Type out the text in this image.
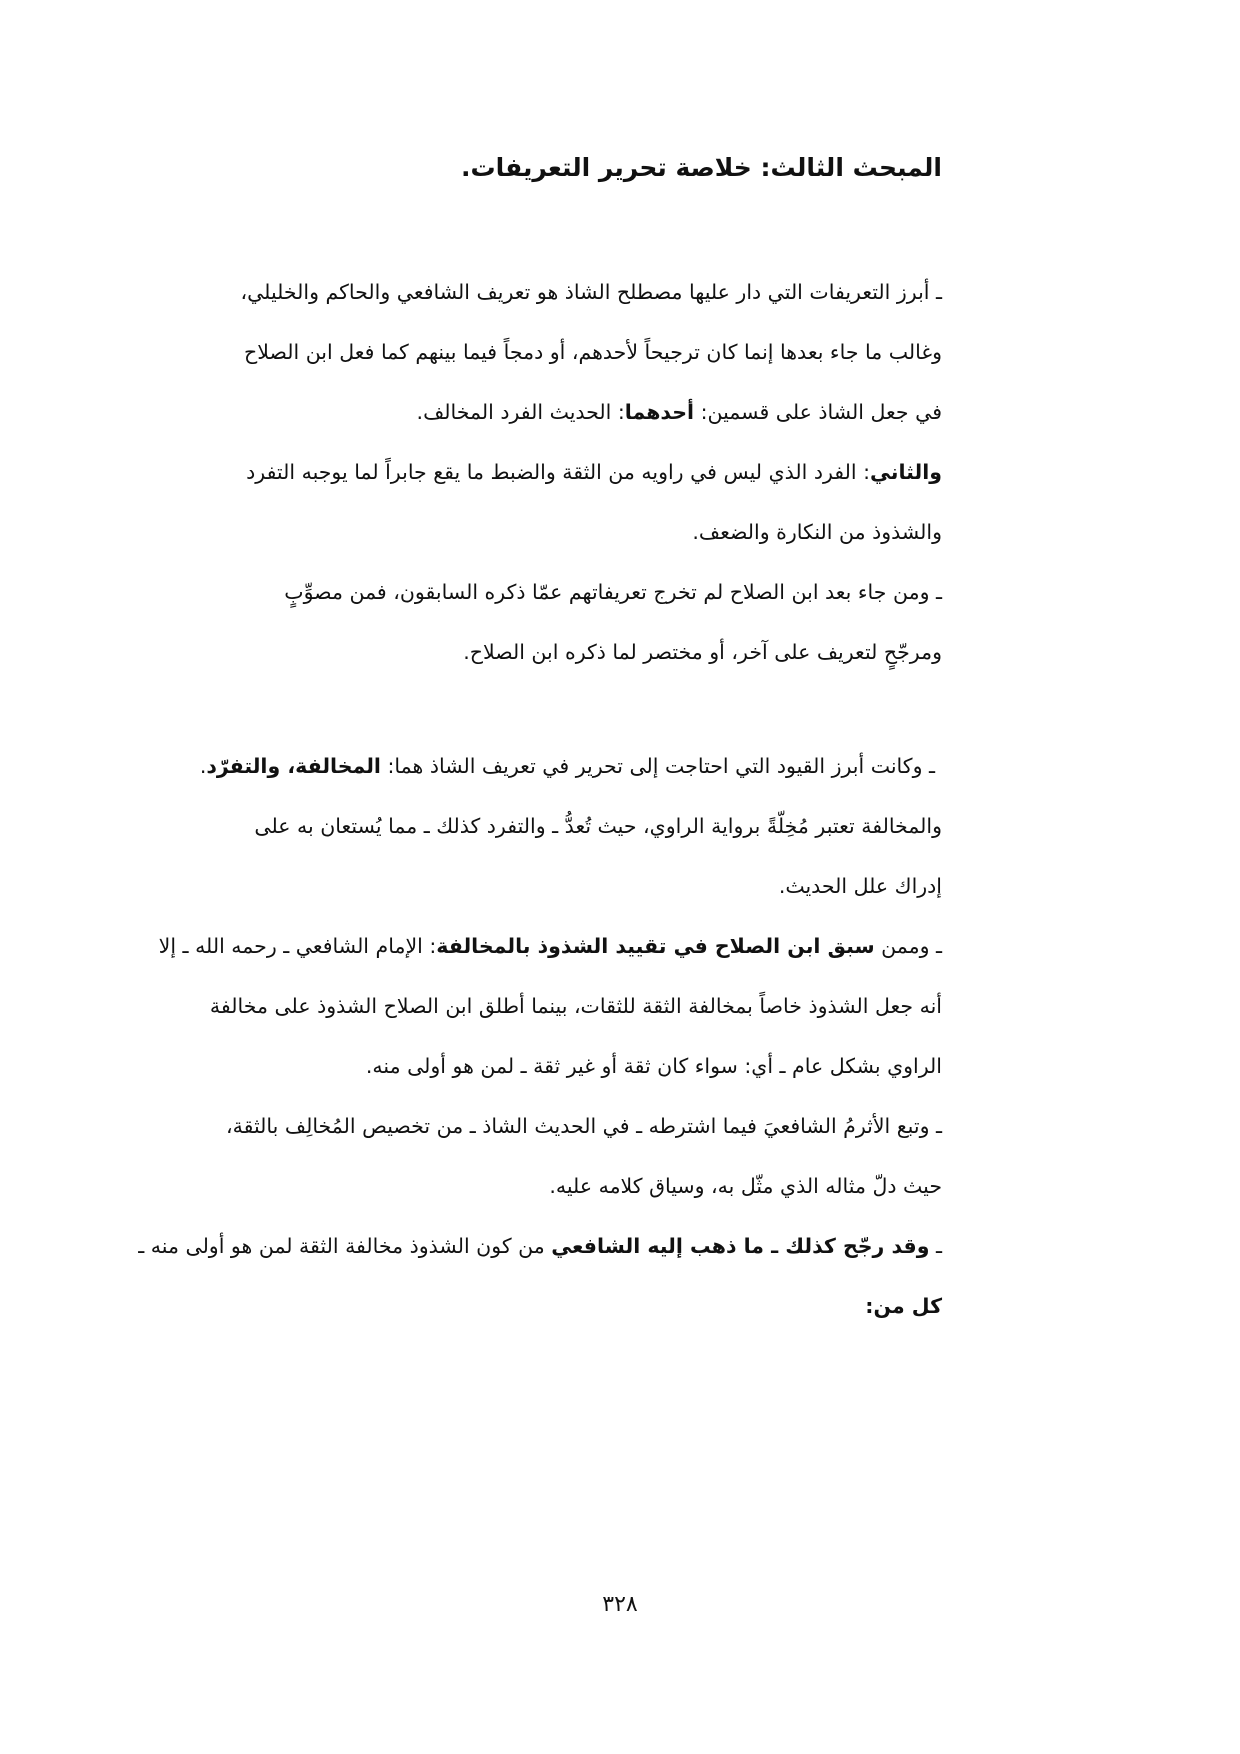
المبحث الثالث: خلاصة تحرير التعريفات.
ـ أبرز التعريفات التي دار عليها مصطلح الشاذ هو تعريف الشافعي والحاكم والخليلي،
وغالب ما جاء بعدها إنما كان ترجيحاً لأحدهم، أو دمجاً فيما بينهم كما فعل ابن الصلاح
في جعل الشاذ على قسمين: أحدهما: الحديث الفرد المخالف.
والثاني: الفرد الذي ليس في راويه من الثقة والضبط ما يقع جابراً لما يوجبه التفرد
والشذوذ من النكارة والضعف.
ـ ومن جاء بعد ابن الصلاح لم تخرج تعريفاتهم عمّا ذكره السابقون، فمن مصوِّبٍ
ومرجّحٍ لتعريف على آخر، أو مختصر لما ذكره ابن الصلاح.
ـ وكانت أبرز القيود التي احتاجت إلى تحرير في تعريف الشاذ هما: المخالفة، والتفرّد.
والمخالفة تعتبر مُخِلّةً برواية الراوي، حيث تُعدُّ ـ والتفرد كذلك ـ مما يُستعان به على
إدراك علل الحديث.
ـ وممن سبق ابن الصلاح في تقييد الشذوذ بالمخالفة: الإمام الشافعي ـ رحمه الله ـ إلا
أنه جعل الشذوذ خاصاً بمخالفة الثقة للثقات، بينما أطلق ابن الصلاح الشذوذ على مخالفة
الراوي بشكل عام ـ أي: سواء كان ثقة أو غير ثقة ـ لمن هو أولى منه.
ـ وتبع الأثرمُ الشافعيَ فيما اشترطه ـ في الحديث الشاذ ـ من تخصيص المُخالِف بالثقة،
حيث دلّ مثاله الذي مثّل به، وسياق كلامه عليه.
ـ وقد رجّح كذلك ـ ما ذهب إليه الشافعي من كون الشذوذ مخالفة الثقة لمن هو أولى منه ـ
كل من:
٣٢٨
